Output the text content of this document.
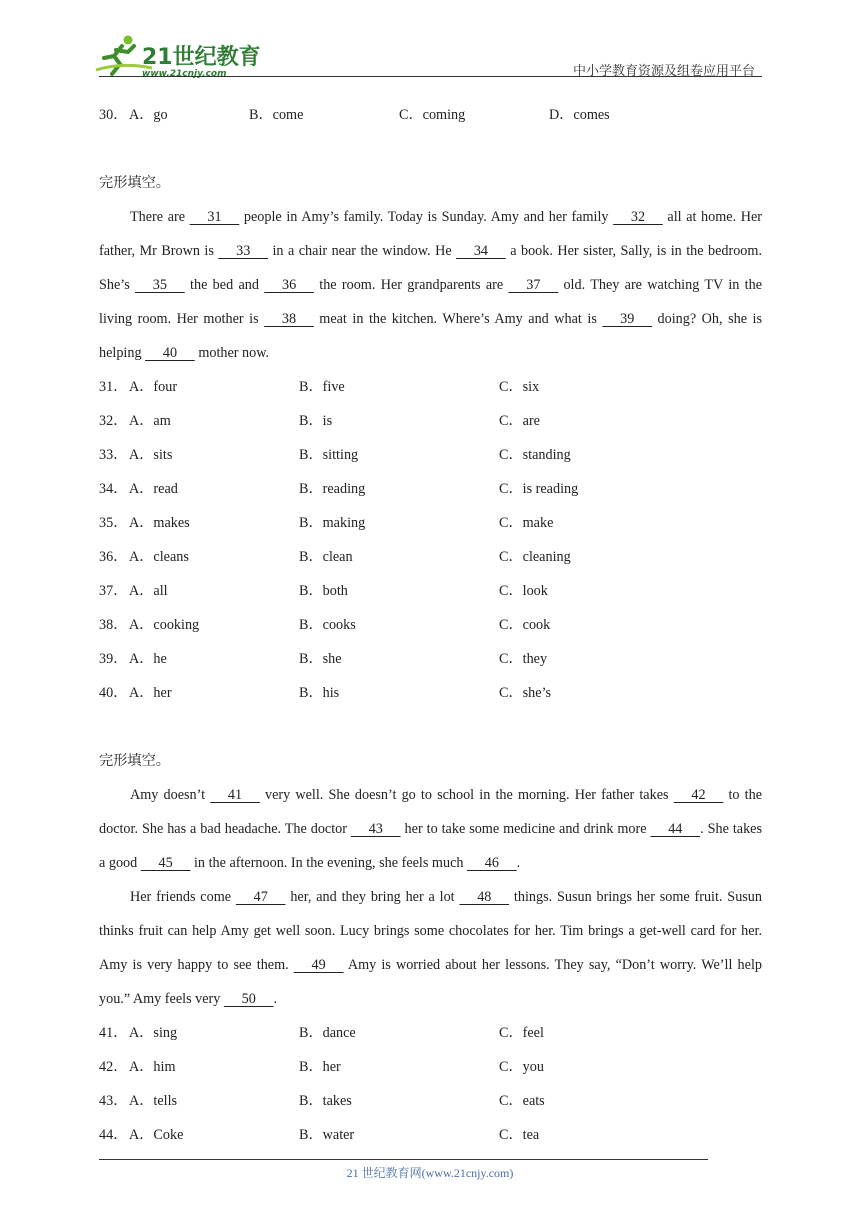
21世纪教育
www.21cnjy.com	中小学教育资源及组卷应用平台
30． A．go	B．come	C．coming	D．comes
完形填空。
There are      31      people in Amy’s family. Today is Sunday. Amy and her family      32      all at home. Her father, Mr Brown is      33      in a chair near the window. He      34      a book. Her sister, Sally, is in the bedroom. She’s      35      the bed and      36      the room. Her grandparents are      37      old. They are watching TV in the living room. Her mother is      38      meat in the kitchen. Where’s Amy and what is      39      doing? Oh, she is helping      40      mother now.
31． A．four	B．five	C．six
32． A．am	B．is	C．are
33． A．sits	B．sitting	C．standing
34． A．read	B．reading	C．is reading
35． A．makes	B．making	C．make
36． A．cleans	B．clean	C．cleaning
37． A．all	B．both	C．look
38． A．cooking	B．cooks	C．cook
39． A．he	B．she	C．they
40． A．her	B．his	C．she’s
完形填空。
Amy doesn’t      41      very well. She doesn’t go to school in the morning. Her father takes      42      to the doctor. She has a bad headache. The doctor      43      her to take some medicine and drink more      44     . She takes a good      45      in the afternoon. In the evening, she feels much      46     .
Her friends come      47      her, and they bring her a lot      48      things. Susun brings her some fruit. Susun thinks fruit can help Amy get well soon. Lucy brings some chocolates for her. Tim brings a get-well card for her. Amy is very happy to see them.      49      Amy is worried about her lessons. They say, “Don’t worry. We’ll help you.” Amy feels very      50     .
41． A．sing	B．dance	C．feel
42． A．him	B．her	C．you
43． A．tells	B．takes	C．eats
44． A．Coke	B．water	C．tea
21 世纪教育网(www.21cnjy.com)
